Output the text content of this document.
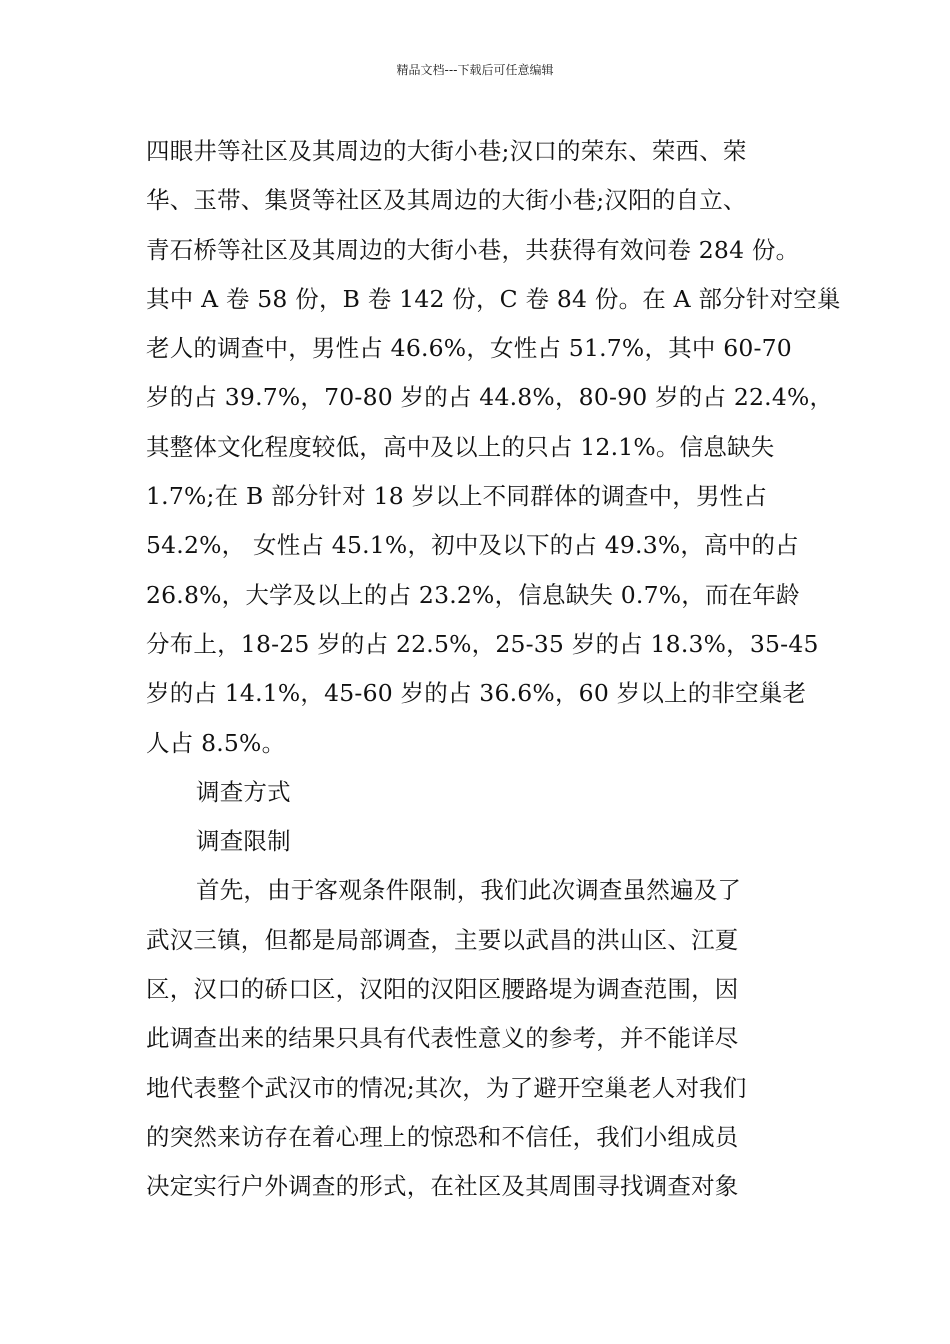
精品文档---下载后可任意编辑
四眼井等社区及其周边的大街小巷;汉口的荣东、荣西、荣
华、玉带、集贤等社区及其周边的大街小巷;汉阳的自立、
青石桥等社区及其周边的大街小巷，共获得有效问卷 284 份。
其中 A 卷 58 份，B 卷 142 份，C 卷 84 份。在 A 部分针对空巢
老人的调查中，男性占 46.6%，女性占 51.7%，其中 60-70
岁的占 39.7%，70-80 岁的占 44.8%，80-90 岁的占 22.4%，
其整体文化程度较低，高中及以上的只占 12.1%。信息缺失
1.7%;在 B 部分针对 18 岁以上不同群体的调查中，男性占
54.2%， 女性占 45.1%，初中及以下的占 49.3%，高中的占
26.8%，大学及以上的占 23.2%，信息缺失 0.7%，而在年龄
分布上，18-25 岁的占 22.5%，25-35 岁的占 18.3%，35-45
岁的占 14.1%，45-60 岁的占 36.6%，60 岁以上的非空巢老
人占 8.5%。
调查方式
调查限制
首先，由于客观条件限制，我们此次调查虽然遍及了
武汉三镇，但都是局部调查，主要以武昌的洪山区、江夏
区，汉口的硚口区，汉阳的汉阳区腰路堤为调查范围，因
此调查出来的结果只具有代表性意义的参考，并不能详尽
地代表整个武汉市的情况;其次，为了避开空巢老人对我们
的突然来访存在着心理上的惊恐和不信任，我们小组成员
决定实行户外调查的形式，在社区及其周围寻找调查对象
